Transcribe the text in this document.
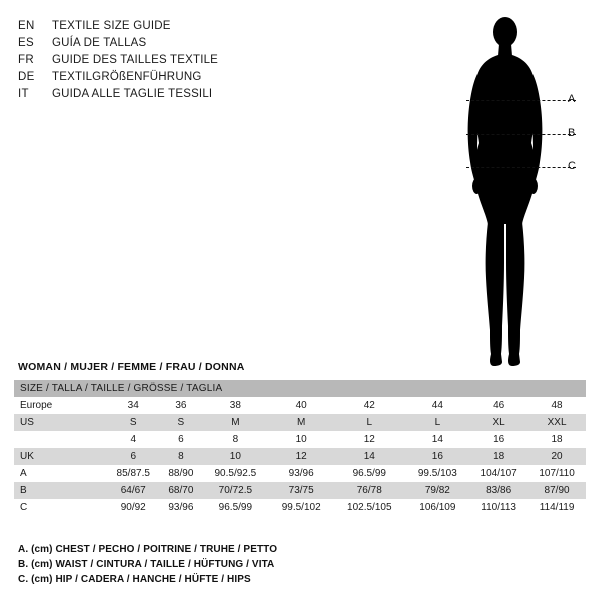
EN	TEXTILE SIZE GUIDE
ES	GUÍA DE TALLAS
FR	GUIDE DES TAILLES TEXTILE
DE	TEXTILGRÖßENFÜHRUNG
IT	GUIDA ALLE TAGLIE TESSILI	A
B
C
WOMAN / MUJER / FEMME / FRAU / DONNA
SIZE / TALLA / TAILLE / GRÖSSE / TAGLIA								
Europe	34	36	38	40	42	44	46	48
US	S	S	M	M	L	L	XL	XXL
	4	6	8	10	12	14	16	18
UK	6	8	10	12	14	16	18	20
A	85/87.5	88/90	90.5/92.5	93/96	96.5/99	99.5/103	104/107	107/110
B	64/67	68/70	70/72.5	73/75	76/78	79/82	83/86	87/90
C	90/92	93/96	96.5/99	99.5/102	102.5/105	106/109	110/113	114/119
A. (cm) CHEST / PECHO / POITRINE / TRUHE / PETTO
B. (cm) WAIST / CINTURA / TAILLE / HÜFTUNG / VITA
C. (cm) HIP / CADERA / HANCHE / HÜFTE / HIPS
